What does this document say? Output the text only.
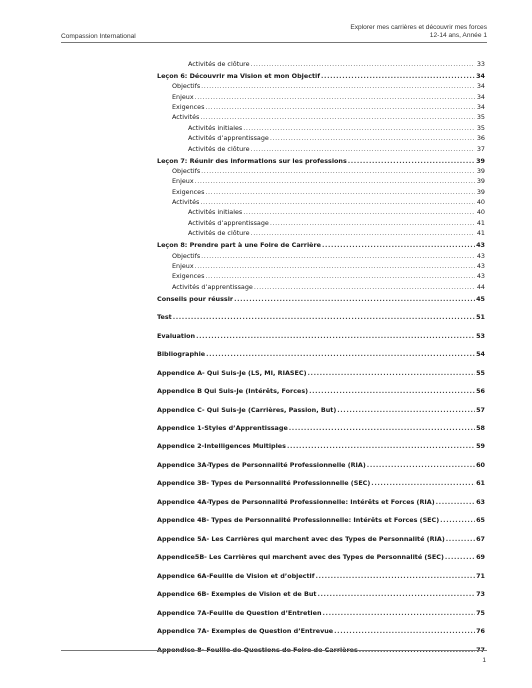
Compassion International
Explorer mes carrières et découvrir mes forces
12-14 ans, Année 1
Activités de clôture .....	33
Leçon 6: Découvrir ma Vision et mon Objectif .....	34
Objectifs .....	34
Enjeux .....	34
Exigences .....	34
Activités .....	35
Activités initiales .....	35
Activités d’apprentissage .....	36
Activités de clôture .....	37
Leçon 7: Réunir des informations sur les professions .....	39
Objectifs .....	39
Enjeux .....	39
Exigences .....	39
Activités .....	40
Activités initiales .....	40
Activités d’apprentissage .....	41
Activités de clôture .....	41
Leçon 8: Prendre part à une Foire de Carrière .....	43
Objectifs .....	43
Enjeux .....	43
Exigences .....	43
Activités d’apprentissage .....	44
Conseils pour réussir .....	45
Test .....	51
Evaluation .....	53
Bibliographie .....	54
Appendice A- Qui Suis-Je (LS, MI, RIASEC) .....	55
Appendice B Qui Suis-Je (Intérêts, Forces) .....	56
Appendice C- Qui Suis-Je (Carrières, Passion, But) .....	57
Appendice 1-Styles d’Apprentissage .....	58
Appendice 2-Intelligences Multiples .....	59
Appendice 3A-Types de Personnalité Professionnelle (RIA) .....	60
Appendice 3B- Types de Personnalité Professionnelle (SEC) .....	61
Appendice 4A-Types de Personnalité Professionnelle: Intérêts et Forces (RIA) .....	63
Appendice 4B- Types de Personnalité Professionnelle: Intérêts et Forces (SEC) .....	65
Appendice 5A- Les Carrières qui marchent avec des Types de Personnalité (RIA) .....	67
Appendice5B- Les Carrières qui marchent avec des Types de Personnalité (SEC) .....	69
Appendice 6A-Feuille de Vision et d’objectif .....	71
Appendice 6B- Exemples de Vision et de But .....	73
Appendice 7A-Feuille de Question d’Entretien .....	75
Appendice 7A- Exemples de Question d’Entrevue .....	76
Appendice 8- Feuille de Questions de Foire de Carrières .....	77
1
